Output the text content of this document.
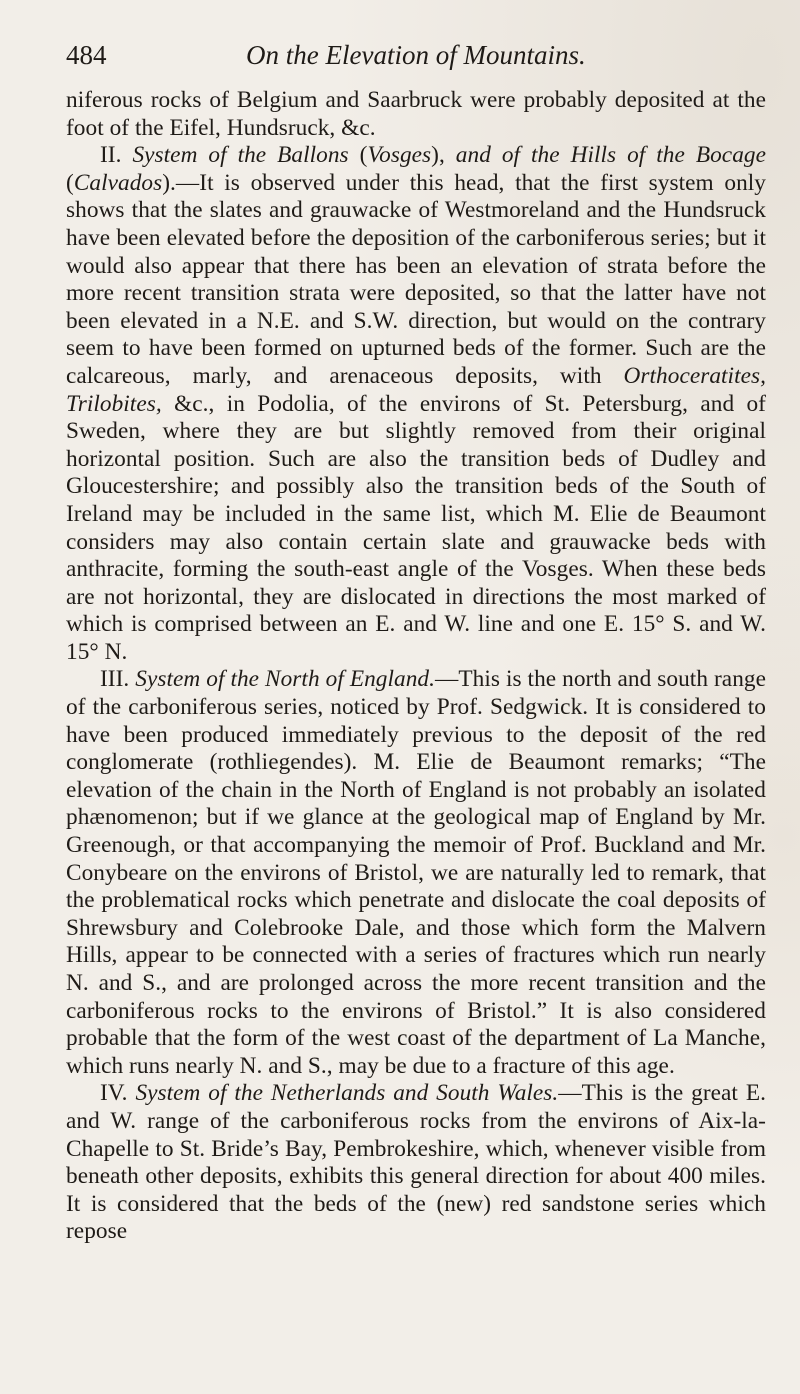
484	On the Elevation of Mountains.

niferous rocks of Belgium and Saarbruck were probably deposited at the foot of the Eifel, Hundsruck, &c.

II. System of the Ballons (Vosges), and of the Hills of the Bocage (Calvados).—It is observed under this head, that the first system only shows that the slates and grauwacke of Westmoreland and the Hundsruck have been elevated before the deposition of the carboniferous series; but it would also appear that there has been an elevation of strata before the more recent transition strata were deposited, so that the latter have not been elevated in a N.E. and S.W. direction, but would on the contrary seem to have been formed on upturned beds of the former. Such are the calcareous, marly, and arenaceous deposits, with Orthoceratites, Trilobites, &c., in Podolia, of the environs of St. Petersburg, and of Sweden, where they are but slightly removed from their original horizontal position. Such are also the transition beds of Dudley and Gloucestershire; and possibly also the transition beds of the South of Ireland may be included in the same list, which M. Elie de Beaumont considers may also contain certain slate and grauwacke beds with anthracite, forming the south-east angle of the Vosges. When these beds are not horizontal, they are dislocated in directions the most marked of which is comprised between an E. and W. line and one E. 15° S. and W. 15° N.

III. System of the North of England.—This is the north and south range of the carboniferous series, noticed by Prof. Sedgwick. It is considered to have been produced immediately previous to the deposit of the red conglomerate (rothliegendes). M. Elie de Beaumont remarks; “The elevation of the chain in the North of England is not probably an isolated phænomenon; but if we glance at the geological map of England by Mr. Greenough, or that accompanying the memoir of Prof. Buckland and Mr. Conybeare on the environs of Bristol, we are naturally led to remark, that the problematical rocks which penetrate and dislocate the coal deposits of Shrewsbury and Colebrooke Dale, and those which form the Malvern Hills, appear to be connected with a series of fractures which run nearly N. and S., and are prolonged across the more recent transition and the carboniferous rocks to the environs of Bristol.” It is also considered probable that the form of the west coast of the department of La Manche, which runs nearly N. and S., may be due to a fracture of this age.

IV. System of the Netherlands and South Wales.—This is the great E. and W. range of the carboniferous rocks from the environs of Aix-la-Chapelle to St. Bride’s Bay, Pembrokeshire, which, whenever visible from beneath other deposits, exhibits this general direction for about 400 miles. It is considered that the beds of the (new) red sandstone series which repose
